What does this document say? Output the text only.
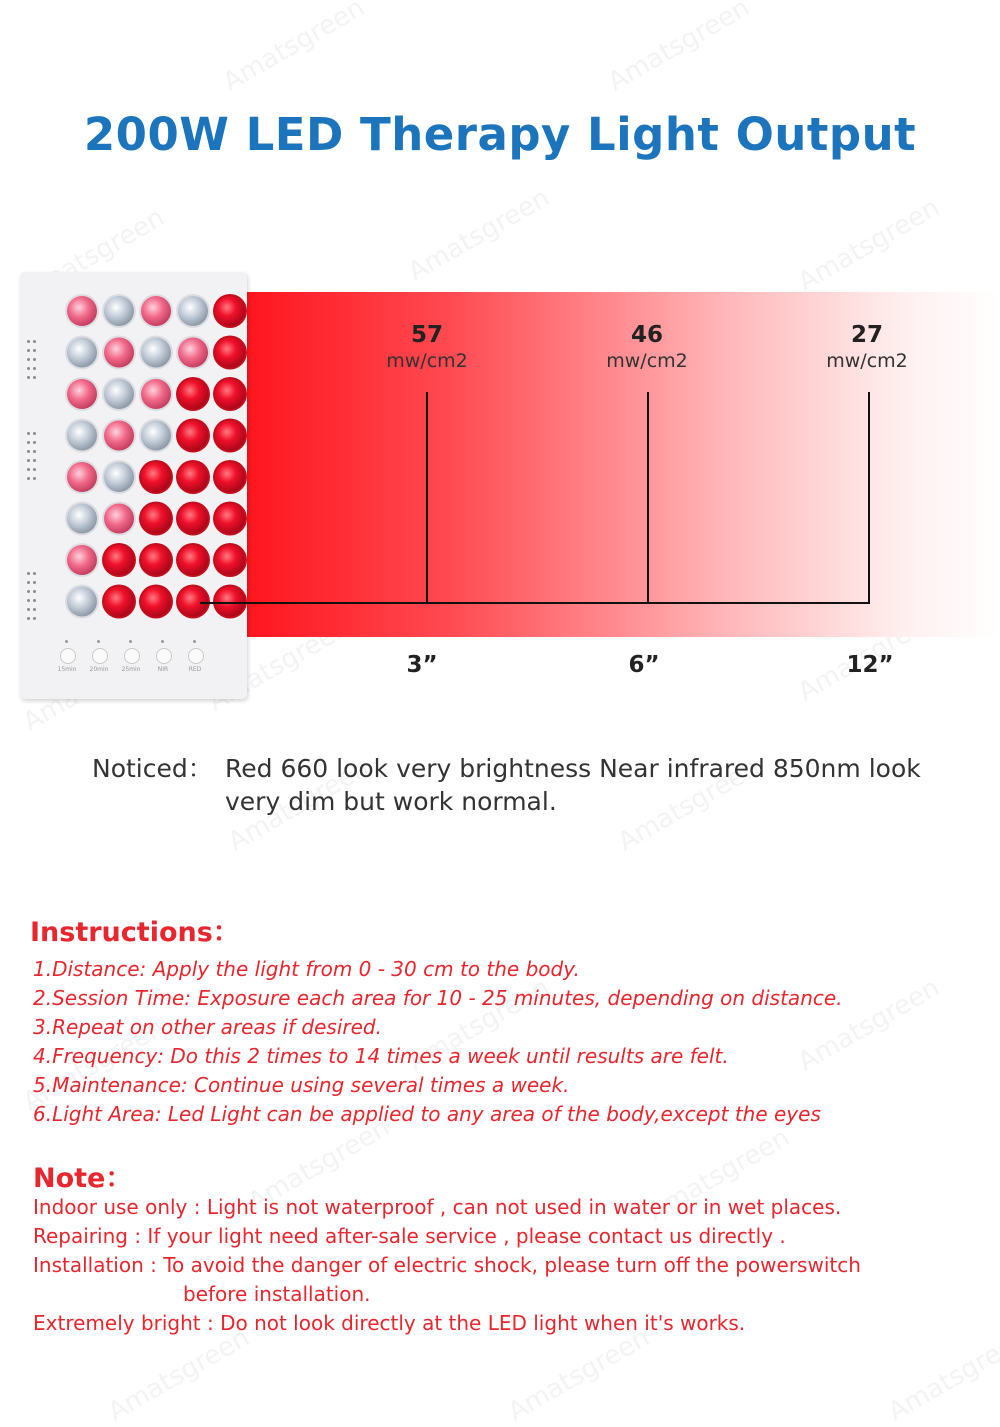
200W LED Therapy Light Output
15min	20min	25min	NIR	RED
57
mw/cm2
46
mw/cm2
27
mw/cm2
3”	6”	12”
Noticed： Red 660 look very brightness Near infrared 850nm look very dim but work normal.
Instructions：
1.Distance: Apply the light from 0 - 30 cm to the body.
2.Session Time: Exposure each area for 10 - 25 minutes, depending on distance.
3.Repeat on other areas if desired.
4.Frequency: Do this 2 times to 14 times a week until results are felt.
5.Maintenance: Continue using several times a week.
6.Light Area: Led Light can be applied to any area of the body,except the eyes
Note：
Indoor use only : Light is not waterproof , can not used in water or in wet places.
Repairing : If your light need after-sale service , please contact us directly .
Installation : To avoid the danger of electric shock, please turn off the powerswitch
before installation.
Extremely bright : Do not look directly at the LED light when it's works.
